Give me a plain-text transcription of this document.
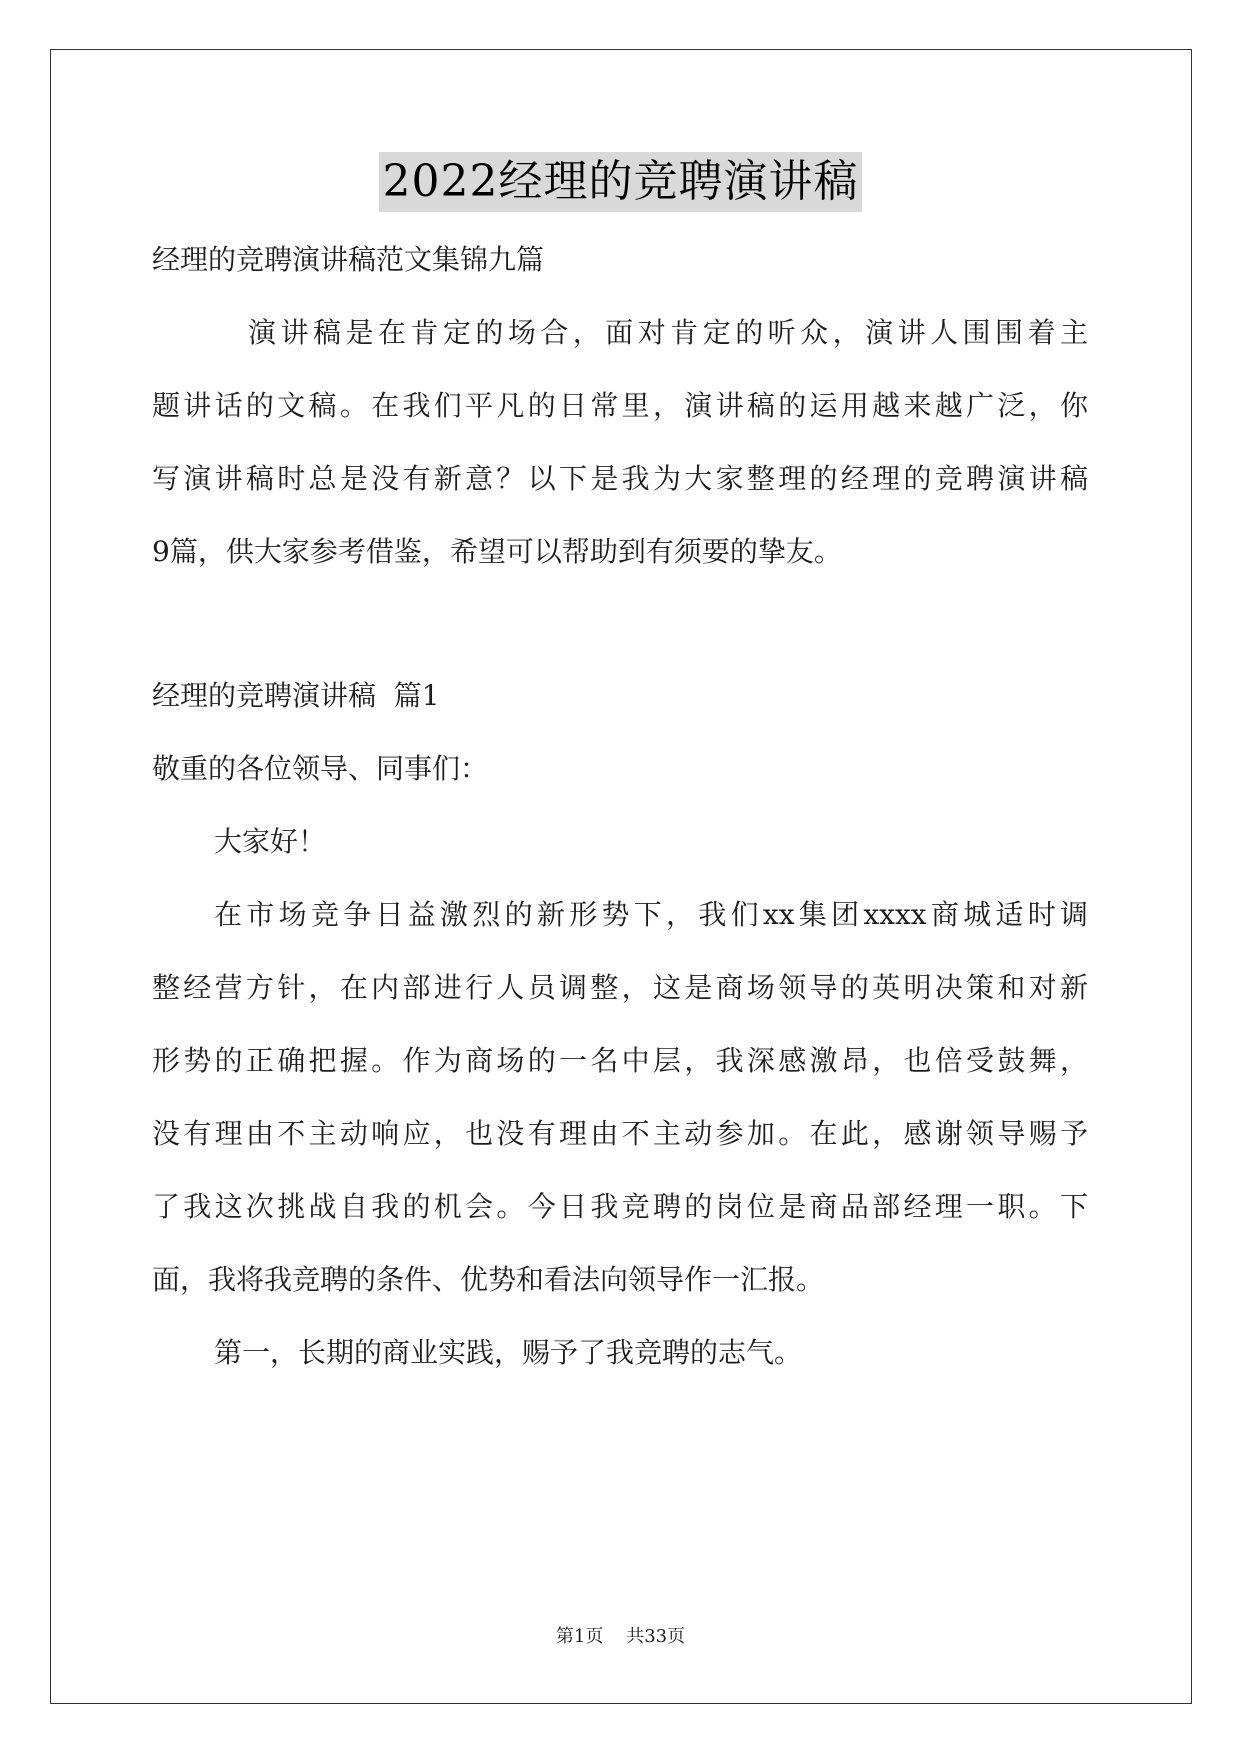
2022经理的竞聘演讲稿
经理的竞聘演讲稿范文集锦九篇
演讲稿是在肯定的场合，面对肯定的听众，演讲人围围着主
题讲话的文稿。在我们平凡的日常里，演讲稿的运用越来越广泛，你
写演讲稿时总是没有新意？以下是我为大家整理的经理的竞聘演讲稿
9篇，供大家参考借鉴，希望可以帮助到有须要的挚友。
经理的竞聘演讲稿  篇1
敬重的各位领导、同事们：
大家好！
在市场竞争日益激烈的新形势下，我们xx集团xxxx商城适时调
整经营方针，在内部进行人员调整，这是商场领导的英明决策和对新
形势的正确把握。作为商场的一名中层，我深感激昂，也倍受鼓舞，
没有理由不主动响应，也没有理由不主动参加。在此，感谢领导赐予
了我这次挑战自我的机会。今日我竞聘的岗位是商品部经理一职。下
面，我将我竞聘的条件、优势和看法向领导作一汇报。
第一，长期的商业实践，赐予了我竞聘的志气。
第1页    共33页
